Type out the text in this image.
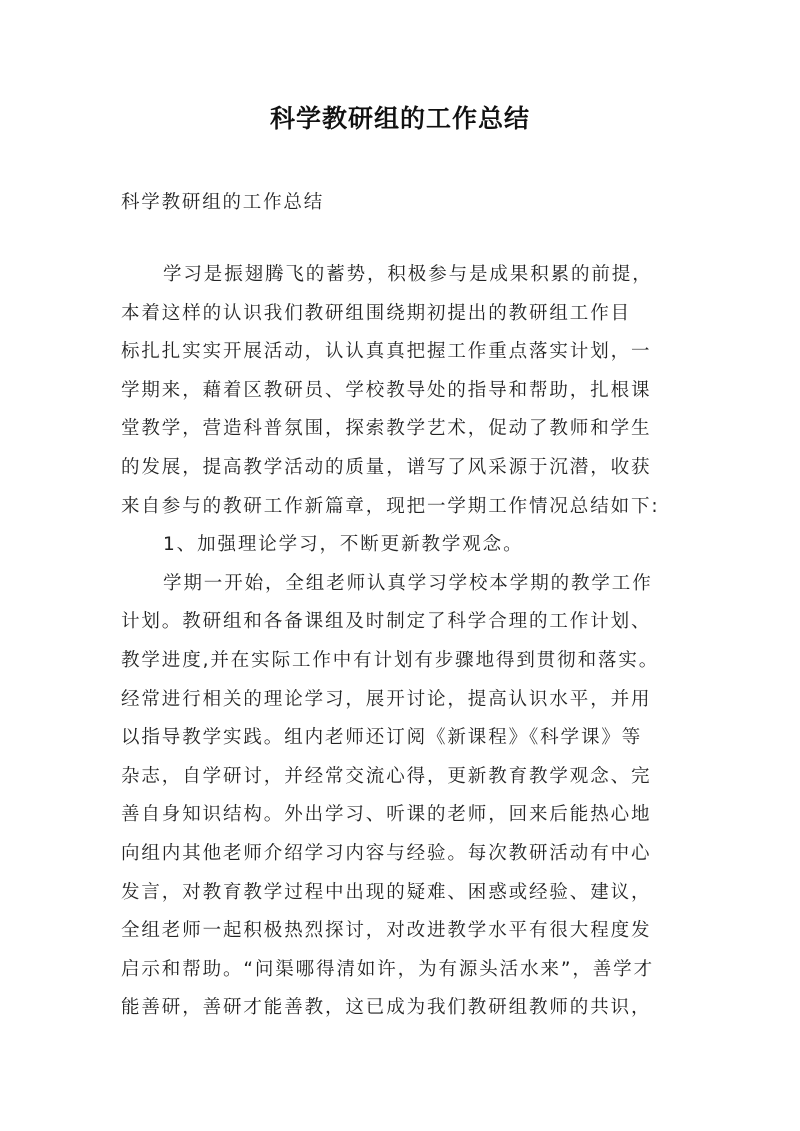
科学教研组的工作总结
科学教研组的工作总结
学习是振翅腾飞的蓄势，积极参与是成果积累的前提，
本着这样的认识我们教研组围绕期初提出的教研组工作目
标扎扎实实开展活动，认认真真把握工作重点落实计划，一
学期来，藉着区教研员、学校教导处的指导和帮助，扎根课
堂教学，营造科普氛围，探索教学艺术，促动了教师和学生
的发展，提高教学活动的质量，谱写了风采源于沉潜，收获
来自参与的教研工作新篇章，现把一学期工作情况总结如下:
1、加强理论学习，不断更新教学观念。
学期一开始，全组老师认真学习学校本学期的教学工作
计划。教研组和各备课组及时制定了科学合理的工作计划、
教学进度,并在实际工作中有计划有步骤地得到贯彻和落实。
经常进行相关的理论学习，展开讨论，提高认识水平，并用
以指导教学实践。组内老师还订阅《新课程》《科学课》等
杂志，自学研讨，并经常交流心得，更新教育教学观念、完
善自身知识结构。外出学习、听课的老师，回来后能热心地
向组内其他老师介绍学习内容与经验。每次教研活动有中心
发言，对教育教学过程中出现的疑难、困惑或经验、建议，
全组老师一起积极热烈探讨，对改进教学水平有很大程度发
启示和帮助。“问渠哪得清如许，为有源头活水来”，善学才
能善研，善研才能善教，这已成为我们教研组教师的共识，
